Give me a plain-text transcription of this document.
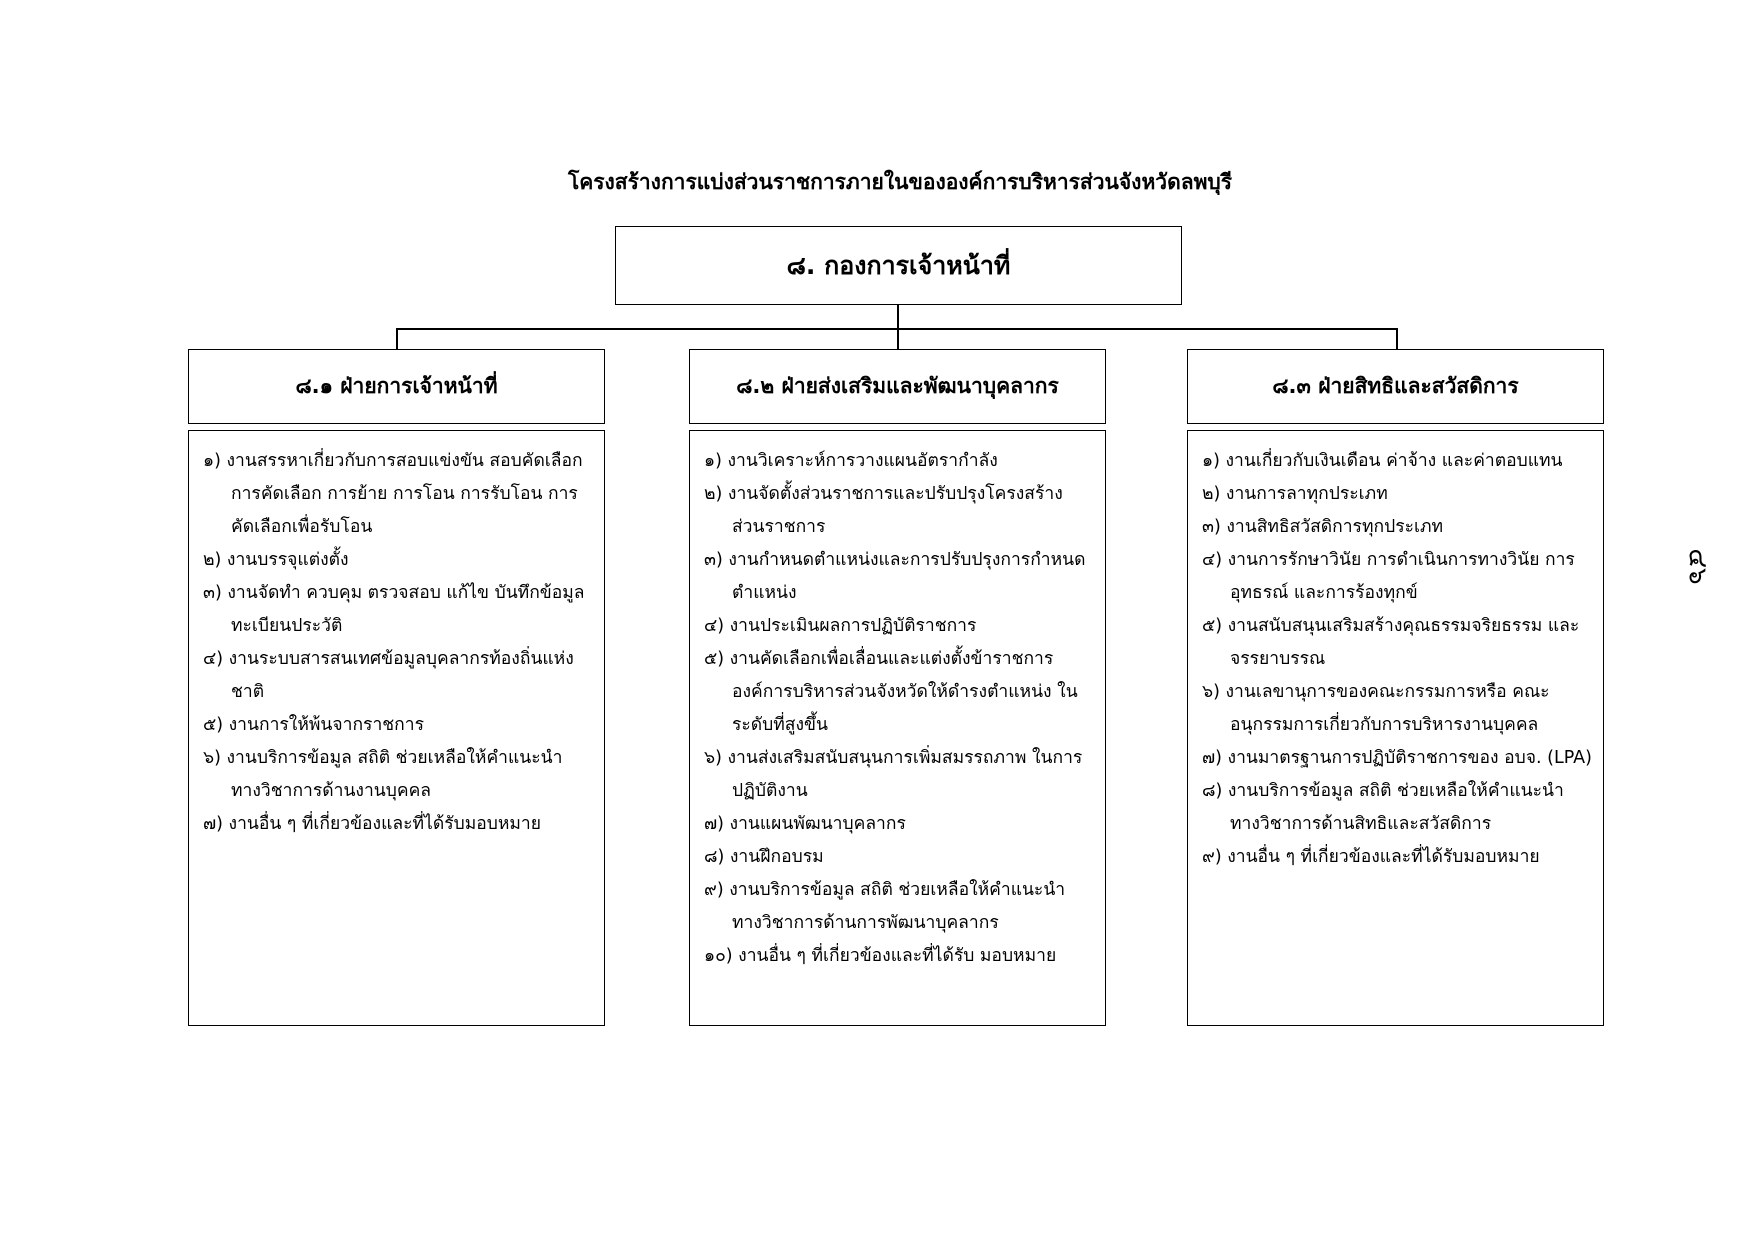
โครงสร้างการแบ่งส่วนราชการภายในขององค์การบริหารส่วนจังหวัดลพบุรี
๘. กองการเจ้าหน้าที่
๘.๑ ฝ่ายการเจ้าหน้าที่	๘.๒ ฝ่ายส่งเสริมและพัฒนาบุคลากร	๘.๓ ฝ่ายสิทธิและสวัสดิการ
๑) งานสรรหาเกี่ยวกับการสอบแข่งขัน สอบคัดเลือก การคัดเลือก การย้าย การโอน การรับโอน การคัดเลือกเพื่อรับโอน
๒) งานบรรจุแต่งตั้ง
๓) งานจัดทำ ควบคุม ตรวจสอบ แก้ไข บันทึกข้อมูล ทะเบียนประวัติ
๔) งานระบบสารสนเทศข้อมูลบุคลากรท้องถิ่นแห่งชาติ
๕) งานการให้พ้นจากราชการ
๖) งานบริการข้อมูล สถิติ ช่วยเหลือให้คำแนะนำ ทางวิชาการด้านงานบุคคล
๗) งานอื่น ๆ ที่เกี่ยวข้องและที่ได้รับมอบหมาย
๑) งานวิเคราะห์การวางแผนอัตรากำลัง
๒) งานจัดตั้งส่วนราชการและปรับปรุงโครงสร้าง ส่วนราชการ
๓) งานกำหนดตำแหน่งและการปรับปรุงการกำหนด ตำแหน่ง
๔) งานประเมินผลการปฏิบัติราชการ
๕) งานคัดเลือกเพื่อเลื่อนและแต่งตั้งข้าราชการ องค์การบริหารส่วนจังหวัดให้ดำรงตำแหน่ง ในระดับที่สูงขึ้น
๖) งานส่งเสริมสนับสนุนการเพิ่มสมรรถภาพ ในการปฏิบัติงาน
๗) งานแผนพัฒนาบุคลากร
๘) งานฝึกอบรม
๙) งานบริการข้อมูล สถิติ ช่วยเหลือให้คำแนะนำ ทางวิชาการด้านการพัฒนาบุคลากร
๑๐) งานอื่น ๆ ที่เกี่ยวข้องและที่ได้รับ มอบหมาย
๑) งานเกี่ยวกับเงินเดือน ค่าจ้าง และค่าตอบแทน
๒) งานการลาทุกประเภท
๓) งานสิทธิสวัสดิการทุกประเภท
๔) งานการรักษาวินัย การดำเนินการทางวินัย การอุทธรณ์ และการร้องทุกข์
๕) งานสนับสนุนเสริมสร้างคุณธรรมจริยธรรม และจรรยาบรรณ
๖) งานเลขานุการของคณะกรรมการหรือ คณะอนุกรรมการเกี่ยวกับการบริหารงานบุคคล
๗) งานมาตรฐานการปฏิบัติราชการของ อบจ. (LPA)
๘) งานบริการข้อมูล สถิติ ช่วยเหลือให้คำแนะนำ ทางวิชาการด้านสิทธิและสวัสดิการ
๙) งานอื่น ๆ ที่เกี่ยวข้องและที่ได้รับมอบหมาย
๔๖
